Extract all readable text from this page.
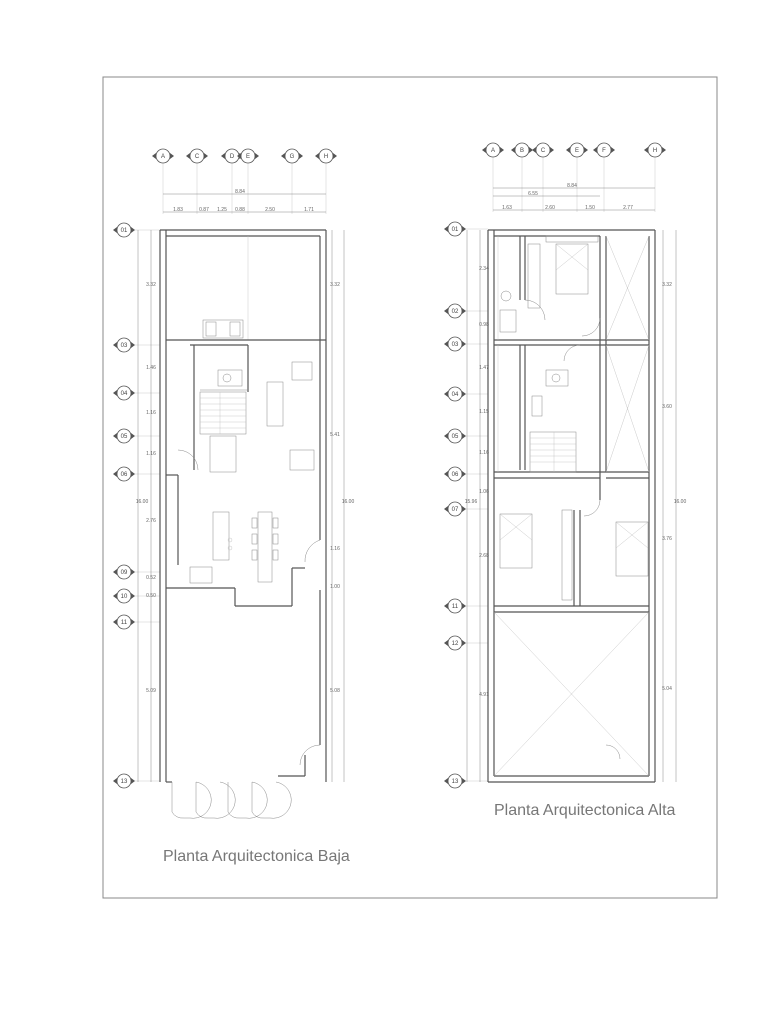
A	C	D E	G	H
01
03
04
05
06
09
10
11
13
8.84
1.83	0.87 1.25 0.88	2.50	1.71
3.32
1.46
1.16
1.16
2.76
0.52
0.50
5.09
3.32
5.41
1.16
1.00
5.08
16.00	16.00
Planta Arquitectonica Baja
A	B	C	E	F	H
01
02
03
04
05
06
07
11
12
13
8.84
6.55
1.63	2.60	1.50	2.77
2.34
0.98
1.47
1.15
1.16
1.06
2.68
4.91
3.32
3.60
3.76
5.04
15.96	16.00
Planta Arquitectonica Alta
